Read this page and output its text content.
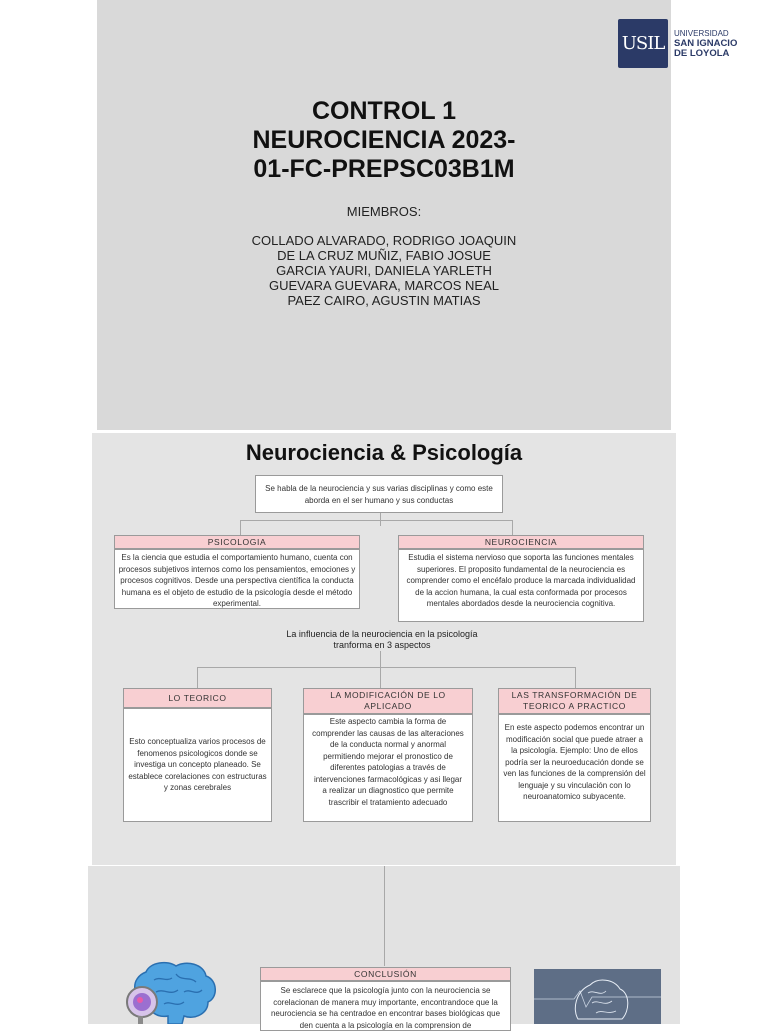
USIL	UNIVERSIDAD
SAN IGNACIO
DE LOYOLA
CONTROL 1
NEUROCIENCIA 2023-
01-FC-PREPSC03B1M
MIEMBROS:
COLLADO ALVARADO, RODRIGO JOAQUIN
DE LA CRUZ MUÑIZ, FABIO JOSUE
GARCIA YAURI, DANIELA YARLETH
GUEVARA GUEVARA, MARCOS NEAL
PAEZ CAIRO, AGUSTIN MATIAS
Neurociencia & Psicología
Se habla de la neurociencia y sus varias disciplinas y como este aborda en el ser humano y sus conductas
PSICOLOGIA
Es la ciencia que estudia el comportamiento humano, cuenta con procesos subjetivos internos como los pensamientos, emociones y procesos cognitivos. Desde una perspectiva científica la conducta humana es el objeto de estudio de la psicología desde el método experimental.
NEUROCIENCIA
Estudia el sistema nervioso que soporta las funciones mentales superiores. El proposito fundamental de la neurociencia es comprender como el encéfalo produce la marcada individualidad de la accion humana, la cual esta conformada por procesos mentales abordados desde la neurociencia cognitiva.
La influencia de la neurociencia en la psicología tranforma en 3 aspectos
LO TEORICO
Esto conceptualiza varios procesos de fenomenos psicologicos donde se investiga un concepto planeado. Se establece corelaciones con estructuras y zonas cerebrales
LA MODIFICACIÓN DE LO APLICADO
Este aspecto cambia la forma de comprender las causas de las alteraciones de la conducta normal y anormal permitiendo mejorar el pronostico de diferentes patologias a través de intervenciones farmacológicas y asi llegar a realizar un diagnostico que permite trascribir el tratamiento adecuado
LAS TRANSFORMACIÓN DE TEORICO A PRACTICO
En este aspecto podemos encontrar un modificación social que puede atraer a la psicología. Ejemplo: Uno de ellos podría ser la neuroeducación donde se ven las funciones de la comprensión del lenguaje y su vinculación con lo neuroanatomico subyacente.
CONCLUSIÓN
Se esclarece que la psicología junto con la neurociencia se corelacionan de manera muy importante, encontrandoce que la neurociencia se ha centradoe en encontrar bases biológicas que den cuenta a la psicología en la comprension de
